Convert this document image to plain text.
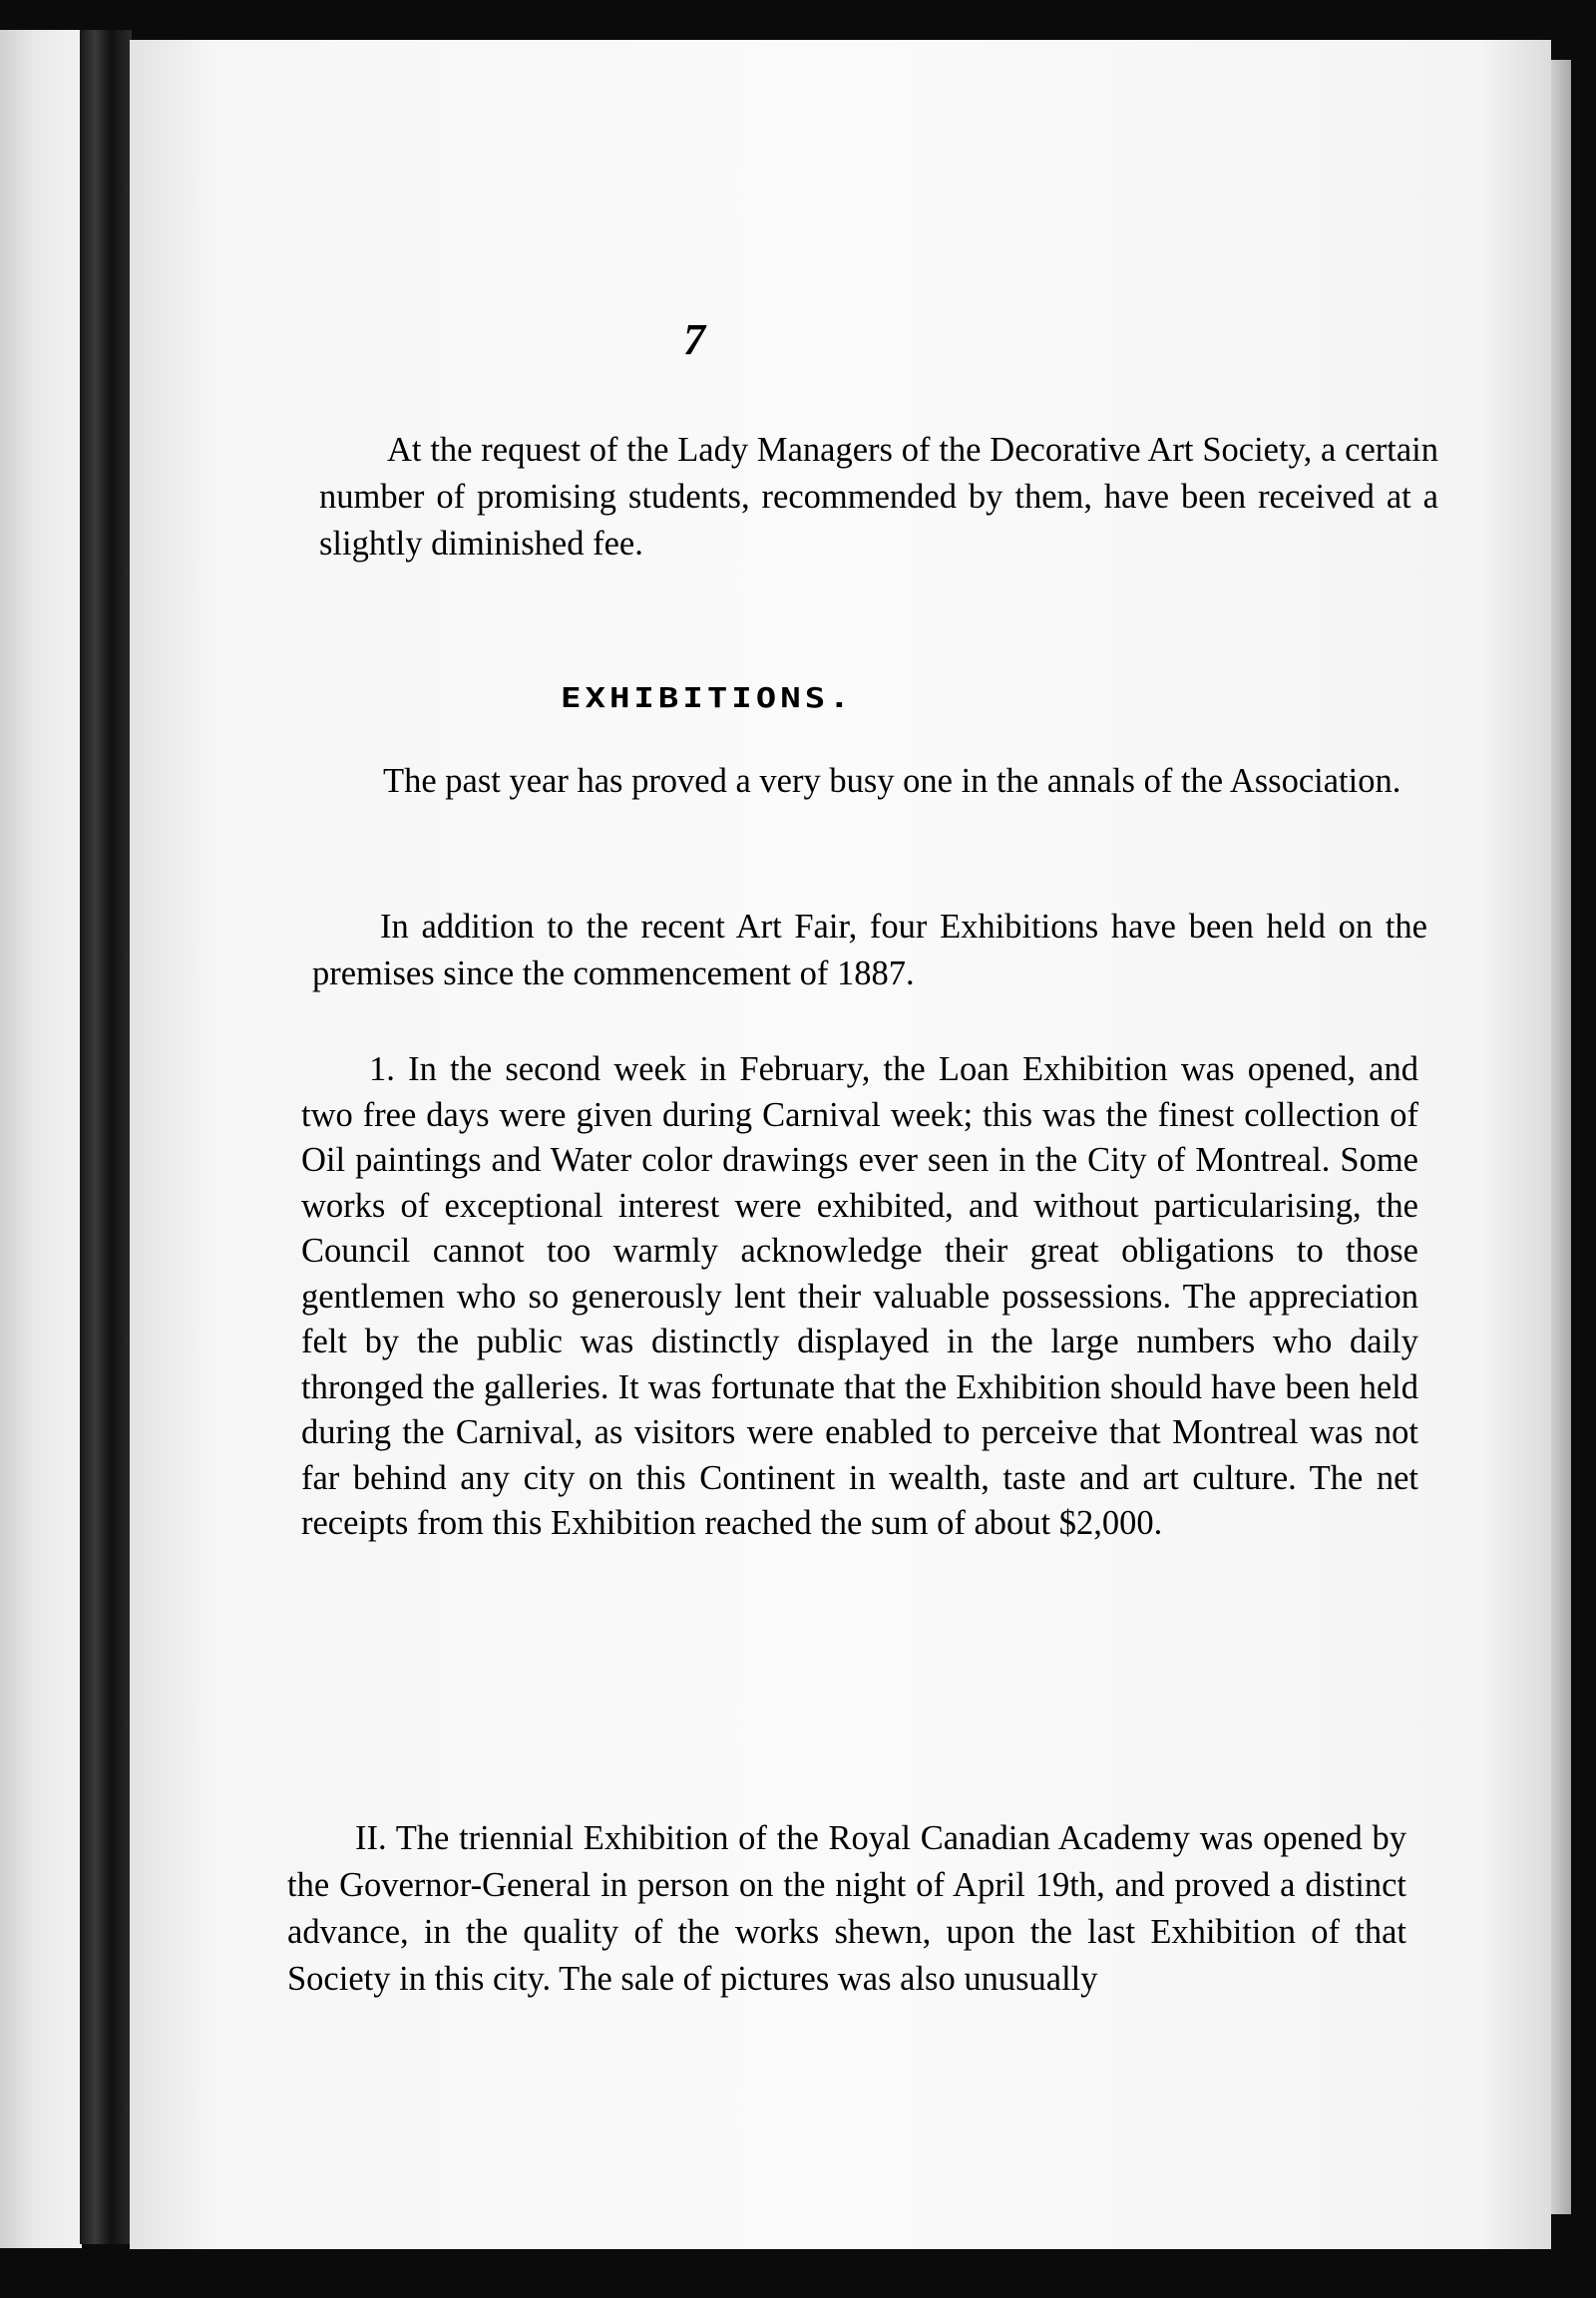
7

At the request of the Lady Managers of the Decorative Art Society, a certain number of promising students, recommended by them, have been received at a slightly diminished fee.

EXHIBITIONS.

The past year has proved a very busy one in the annals of the Association.

In addition to the recent Art Fair, four Exhibitions have been held on the premises since the commencement of 1887.

1. In the second week in February, the Loan Exhibition was opened, and two free days were given during Carnival week; this was the finest collection of Oil paintings and Water color drawings ever seen in the City of Montreal. Some works of exceptional interest were exhibited, and without particularising, the Council cannot too warmly acknowledge their great obligations to those gentlemen who so generously lent their valuable possessions. The appreciation felt by the public was distinctly displayed in the large numbers who daily thronged the galleries. It was fortunate that the Exhibition should have been held during the Carnival, as visitors were enabled to perceive that Montreal was not far behind any city on this Continent in wealth, taste and art culture. The net receipts from this Exhibition reached the sum of about $2,000.

II. The triennial Exhibition of the Royal Canadian Academy was opened by the Governor-General in person on the night of April 19th, and proved a distinct advance, in the quality of the works shewn, upon the last Exhibition of that Society in this city. The sale of pictures was also unusually
